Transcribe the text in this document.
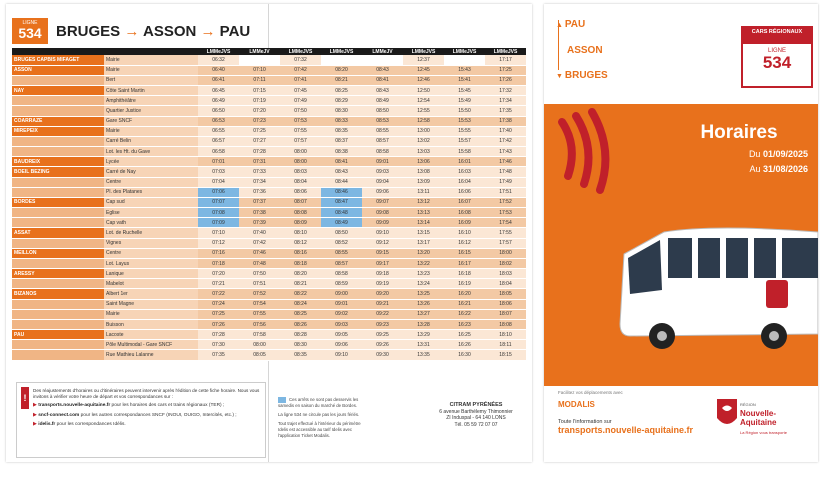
LIGNE
534 BRUGES → ASSON → PAU
		LMMeJVS	LMMeJV	LMMeJVS	LMMeJVS	LMMeJV	LMMeJVS	LMMeJVS	LMMeJVS
BRUGES CAPBIS MIFAGET	Mairie	06:32		07:32			12:37		17:17
ASSON	Mairie	06:40	07:10	07:42	08:20	08:43	12:45	15:43	17:25
	Bert	06:41	07:11	07:41	08:21	08:41	12:46	15:41	17:26
NAY	Côte Saint Martin	06:45	07:15	07:45	08:25	08:43	12:50	15:45	17:32
	Amphithéâtre	06:49	07:19	07:49	08:29	08:49	12:54	15:49	17:34
	Quartier Justice	06:50	07:20	07:50	08:30	08:50	12:55	15:50	17:35
COARRAZE	Gare SNCF	06:53	07:23	07:53	08:33	08:53	12:58	15:53	17:38
MIREPEIX	Mairie	06:55	07:25	07:55	08:35	08:55	13:00	15:55	17:40
	Carré Belin	06:57	07:27	07:57	08:37	08:57	13:02	15:57	17:42
	Lot. les Ht. du Gave	06:58	07:28	08:00	08:38	08:58	13:03	15:58	17:43
BAUDREIX	Lycée	07:01	07:31	08:00	08:41	09:01	13:06	16:01	17:46
BOEIL BEZING	Carré de Nay	07:03	07:33	08:03	08:43	09:03	13:08	16:03	17:48
	Centre	07:04	07:34	08:04	08:44	09:04	13:09	16:04	17:49
	Pl. des Platanes	07:06	07:36	08:06	08:46	09:06	13:11	16:06	17:51
BORDES	Cap sud	07:07	07:37	08:07	08:47	09:07	13:12	16:07	17:52
	Eglise	07:08	07:38	08:08	08:48	09:08	13:13	16:08	17:53
	Cap vath	07:09	07:39	08:09	08:49	09:09	13:14	16:09	17:54
ASSAT	Lot. de Ruchelle	07:10	07:40	08:10	08:50	09:10	13:15	16:10	17:55
	Vignes	07:12	07:42	08:12	08:52	09:12	13:17	16:12	17:57
MEILLON	Centre	07:16	07:46	08:16	08:55	09:15	13:20	16:15	18:00
	Lot. Layus	07:18	07:48	08:18	08:57	09:17	13:22	16:17	18:02
ARESSY	Lanique	07:20	07:50	08:20	08:58	09:18	13:23	16:18	18:03
	Mabelot	07:21	07:51	08:21	08:59	09:19	13:24	16:19	18:04
BIZANOS	Albert 1er	07:22	07:52	08:22	09:00	09:20	13:25	16:20	18:05
	Saint Magne	07:24	07:54	08:24	09:01	09:21	13:26	16:21	18:06
	Mairie	07:25	07:55	08:25	09:02	09:22	13:27	16:22	18:07
	Buisson	07:26	07:56	08:26	09:03	09:23	13:28	16:23	18:08
PAU	Lacoste	07:28	07:58	08:28	09:05	09:25	13:29	16:25	18:10
	Pôle Multimodal - Gare SNCF	07:30	08:00	08:30	09:06	09:26	13:31	16:26	18:11
	Rue Mathieu Lalanne	07:35	08:05	08:35	09:10	09:30	13:35	16:30	18:15
!
Des réajustements d'horaires ou d'itinéraires peuvent intervenir après l'édition de cette fiche horaire. Nous vous invitons à vérifier votre heure de départ et vos correspondances sur :
▶ transports.nouvelle-aquitaine.fr pour les horaires des cars et trains régionaux (TER) ;
▶ sncf-connect.com pour les autres correspondances SNCF (INOUI, OUIGO, Intercités, etc.) ;
▶ idelis.fr pour les correspondances Idélis.
Ces arrêts ne sont pas desservis les samedis en saison du marché de Bordes.
La ligne 534 ne circule pas les jours fériés.
Tout trajet effectué à l'intérieur du périmètre Idelis est accessible au tarif Idelis avec l'application Ticket Modalis.
CITRAM PYRÉNÉES
6 avenue Barthélemy Thimonnier
ZI Induspal - 64 140 LONS
Tél. 05 59 72 07 07
▲ PAU
ASSON
▼ BRUGES
CARS RÉGIONAUX
LIGNE
534
Horaires
Du 01/09/2025
Au 31/08/2026
Facilitez vos déplacements avec
MODALIS
Toute l'information sur
transports.nouvelle-aquitaine.fr
RÉGION
Nouvelle-Aquitaine
La Région vous transporte
